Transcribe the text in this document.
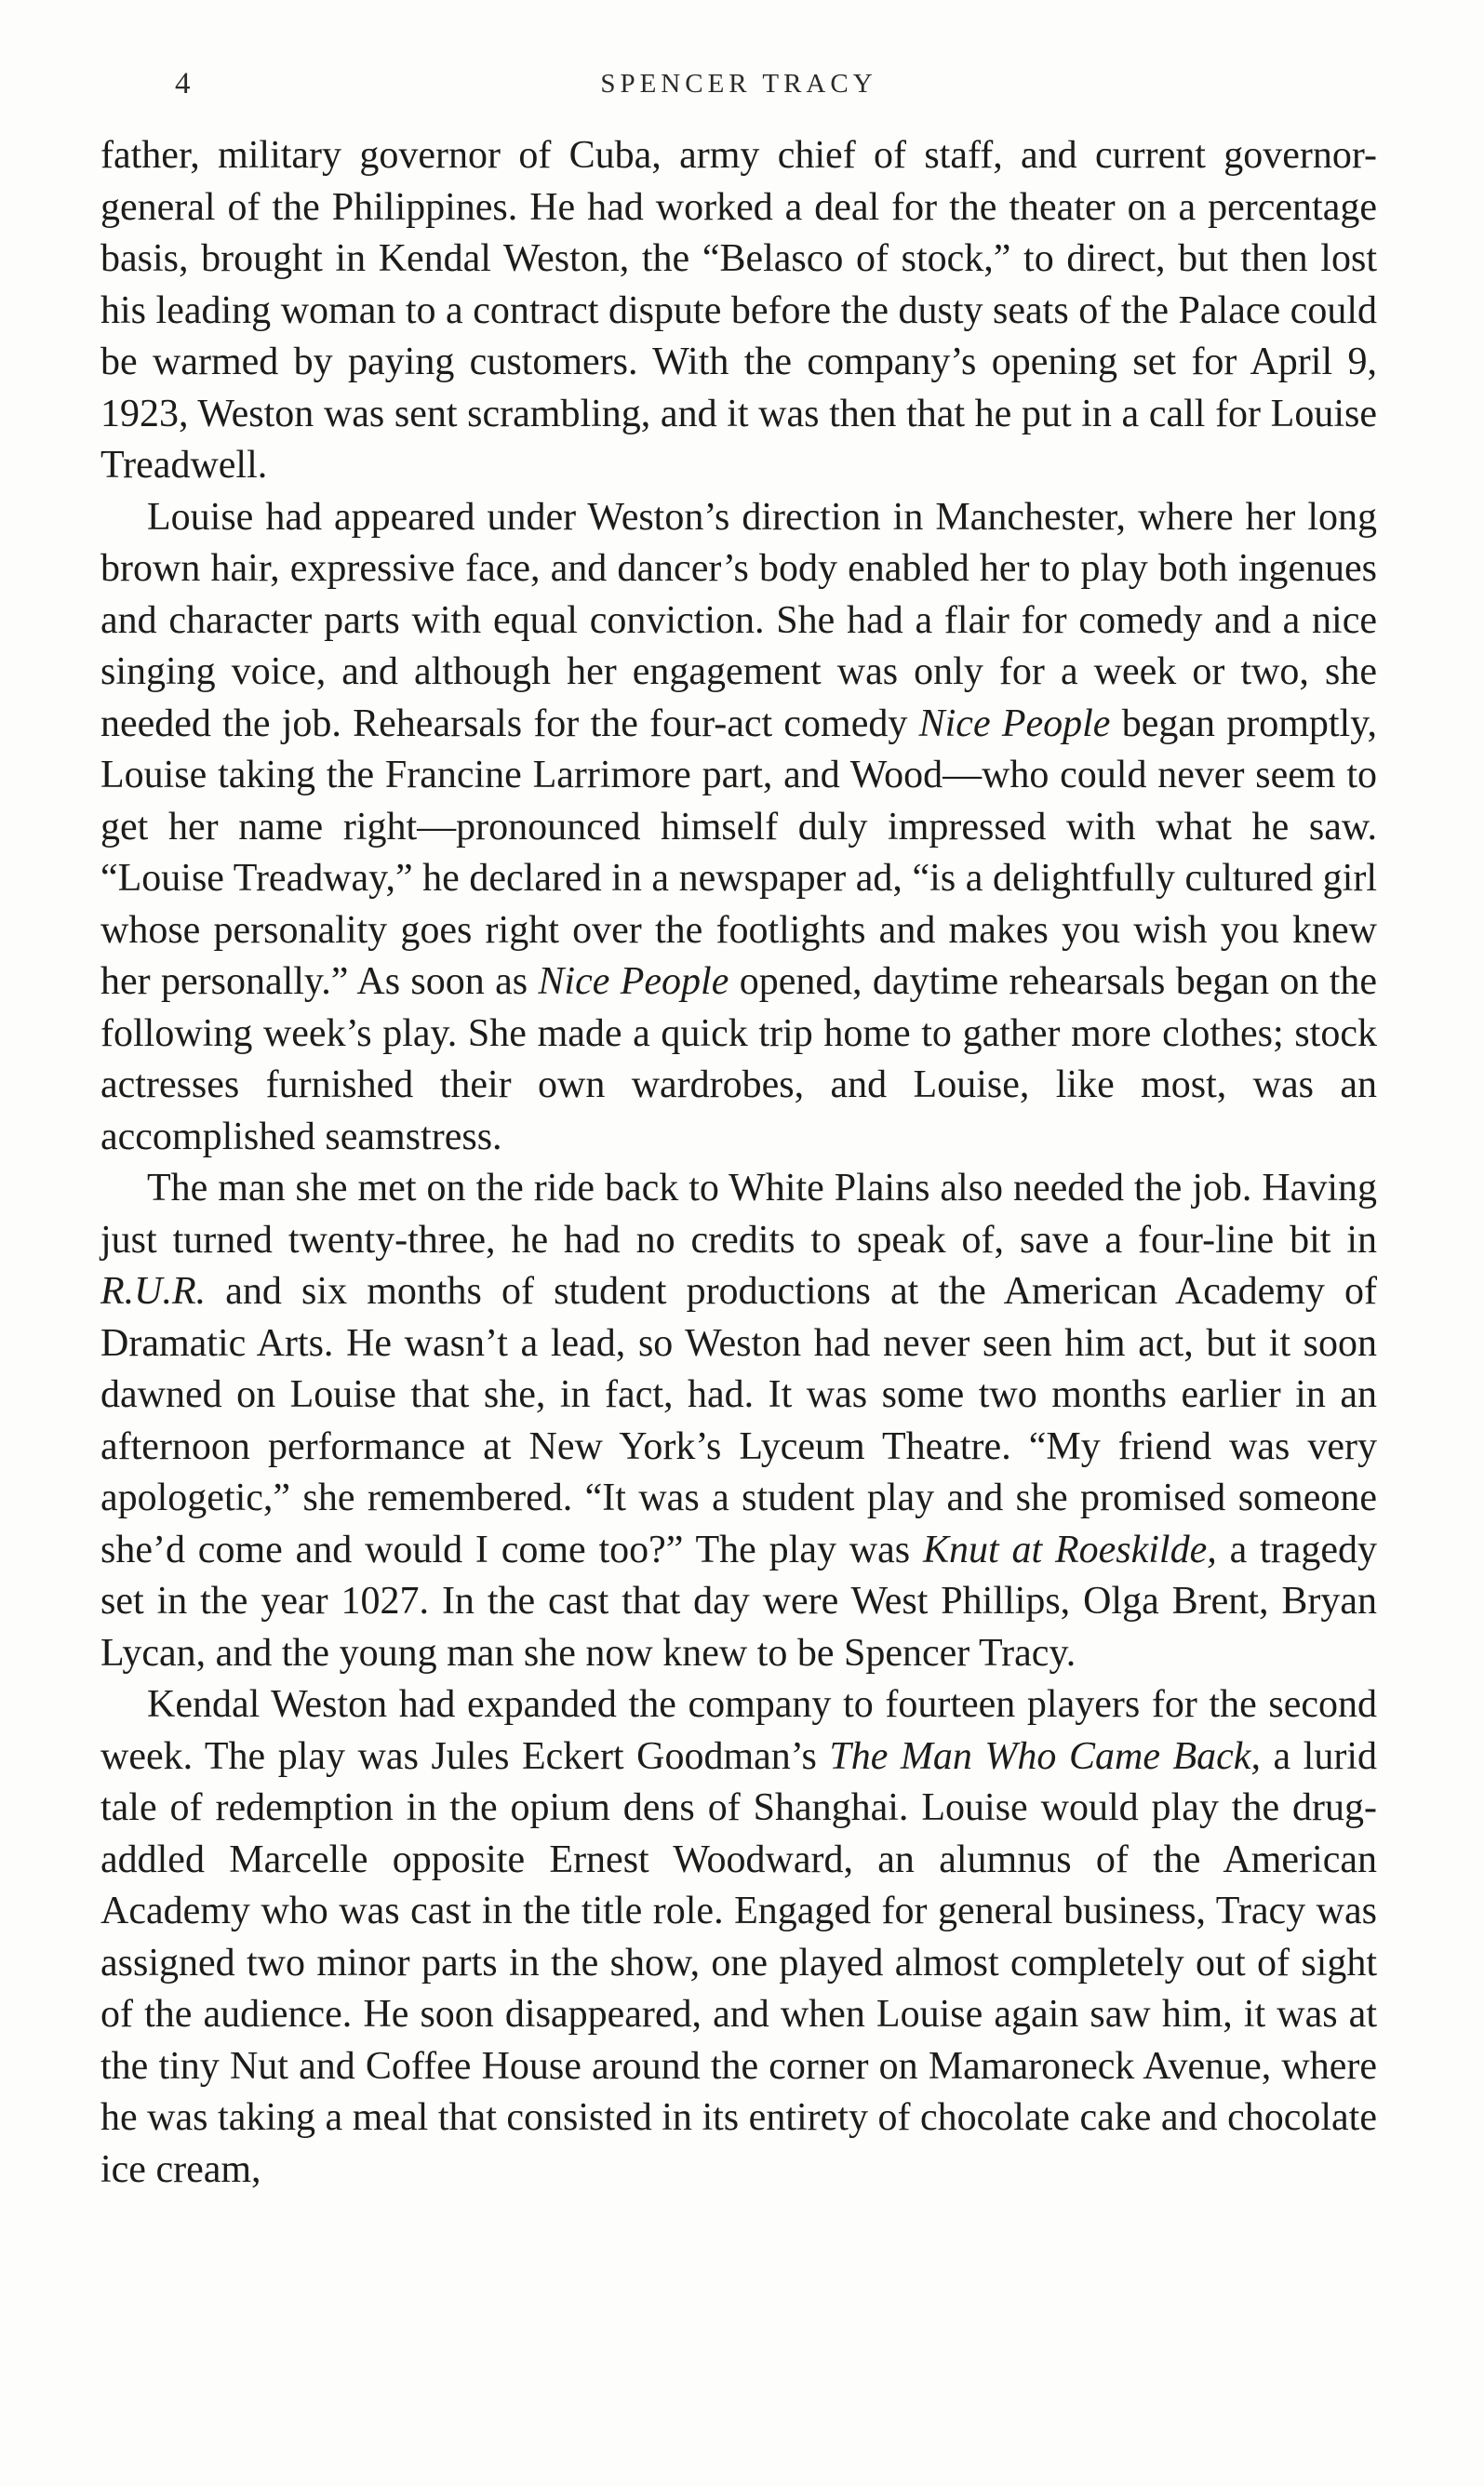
4	SPENCER TRACY

father, military governor of Cuba, army chief of staff, and current governor-general of the Philippines. He had worked a deal for the theater on a percentage basis, brought in Kendal Weston, the “Belasco of stock,” to direct, but then lost his leading woman to a contract dispute before the dusty seats of the Palace could be warmed by paying customers. With the company’s opening set for April 9, 1923, Weston was sent scrambling, and it was then that he put in a call for Louise Treadwell.

Louise had appeared under Weston’s direction in Manchester, where her long brown hair, expressive face, and dancer’s body enabled her to play both ingenues and character parts with equal conviction. She had a flair for comedy and a nice singing voice, and although her engagement was only for a week or two, she needed the job. Rehearsals for the four-act comedy Nice People began promptly, Louise taking the Francine Larrimore part, and Wood—who could never seem to get her name right—pronounced himself duly impressed with what he saw. “Louise Treadway,” he declared in a newspaper ad, “is a delightfully cultured girl whose personality goes right over the footlights and makes you wish you knew her personally.” As soon as Nice People opened, daytime rehearsals began on the following week’s play. She made a quick trip home to gather more clothes; stock actresses furnished their own wardrobes, and Louise, like most, was an accomplished seamstress.

The man she met on the ride back to White Plains also needed the job. Having just turned twenty-three, he had no credits to speak of, save a four-line bit in R.U.R. and six months of student productions at the American Academy of Dramatic Arts. He wasn’t a lead, so Weston had never seen him act, but it soon dawned on Louise that she, in fact, had. It was some two months earlier in an afternoon performance at New York’s Lyceum Theatre. “My friend was very apologetic,” she remembered. “It was a student play and she promised someone she’d come and would I come too?” The play was Knut at Roeskilde, a tragedy set in the year 1027. In the cast that day were West Phillips, Olga Brent, Bryan Lycan, and the young man she now knew to be Spencer Tracy.

Kendal Weston had expanded the company to fourteen players for the second week. The play was Jules Eckert Goodman’s The Man Who Came Back, a lurid tale of redemption in the opium dens of Shanghai. Louise would play the drug-addled Marcelle opposite Ernest Woodward, an alumnus of the American Academy who was cast in the title role. Engaged for general business, Tracy was assigned two minor parts in the show, one played almost completely out of sight of the audience. He soon disappeared, and when Louise again saw him, it was at the tiny Nut and Coffee House around the corner on Mamaroneck Avenue, where he was taking a meal that consisted in its entirety of chocolate cake and chocolate ice cream,
